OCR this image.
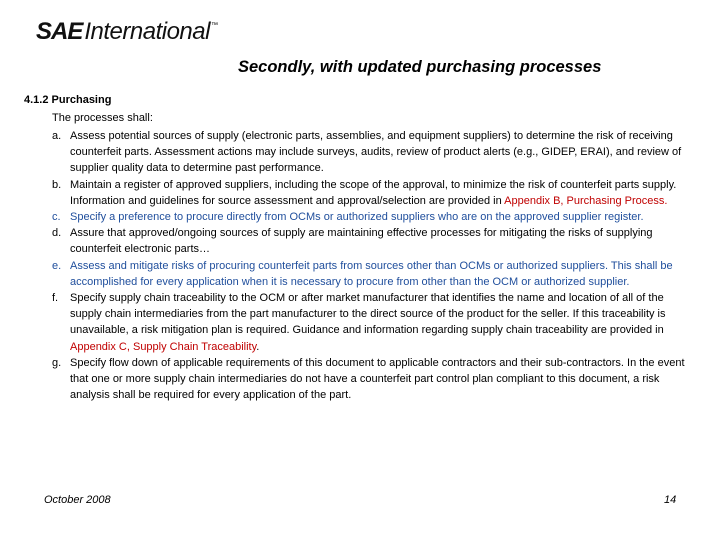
SAE International ™
Secondly, with updated purchasing processes
4.1.2 Purchasing
The processes shall:
a. Assess potential sources of supply (electronic parts, assemblies, and equipment suppliers) to determine the risk of receiving counterfeit parts. Assessment actions may include surveys, audits, review of product alerts (e.g., GIDEP, ERAI), and review of supplier quality data to determine past performance.
b. Maintain a register of approved suppliers, including the scope of the approval, to minimize the risk of counterfeit parts supply. Information and guidelines for source assessment and approval/selection are provided in Appendix B, Purchasing Process.
c. Specify a preference to procure directly from OCMs or authorized suppliers who are on the approved supplier register.
d. Assure that approved/ongoing sources of supply are maintaining effective processes for mitigating the risks of supplying counterfeit electronic parts…
e. Assess and mitigate risks of procuring counterfeit parts from sources other than OCMs or authorized suppliers. This shall be accomplished for every application when it is necessary to procure from other than the OCM or authorized supplier.
f. Specify supply chain traceability to the OCM or after market manufacturer that identifies the name and location of all of the supply chain intermediaries from the part manufacturer to the direct source of the product for the seller. If this traceability is unavailable, a risk mitigation plan is required. Guidance and information regarding supply chain traceability are provided in Appendix C, Supply Chain Traceability.
g. Specify flow down of applicable requirements of this document to applicable contractors and their sub-contractors. In the event that one or more supply chain intermediaries do not have a counterfeit part control plan compliant to this document, a risk analysis shall be required for every application of the part.
October 2008	14
